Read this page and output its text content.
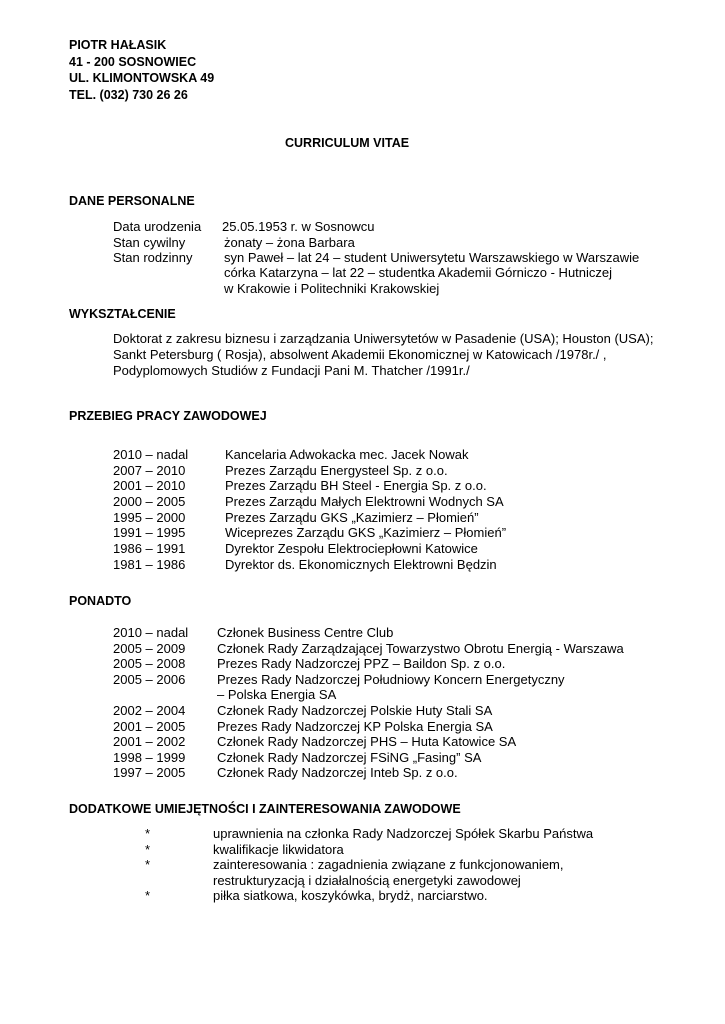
PIOTR HAŁASIK
41 - 200 SOSNOWIEC
UL. KLIMONTOWSKA 49
TEL. (032) 730 26 26
CURRICULUM VITAE
DANE PERSONALNE
Data urodzenia 25.05.1953 r. w Sosnowcu
Stan cywilny	żonaty – żona Barbara
Stan rodzinny syn Paweł – lat 24 – student Uniwersytetu Warszawskiego w Warszawie
córka Katarzyna – lat 22 – studentka Akademii Górniczo - Hutniczej
w Krakowie i Politechniki Krakowskiej
WYKSZTAŁCENIE
Doktorat z zakresu biznesu i zarządzania Uniwersytetów w Pasadenie (USA); Houston (USA);
Sankt Petersburg ( Rosja), absolwent Akademii Ekonomicznej w Katowicach /1978r./ ,
Podyplomowych Studiów z Fundacji Pani M. Thatcher /1991r./
PRZEBIEG PRACY ZAWODOWEJ
2010 – nadal	Kancelaria Adwokacka mec. Jacek Nowak
2007 – 2010	Prezes Zarządu Energysteel Sp. z o.o.
2001 – 2010	Prezes Zarządu BH Steel - Energia Sp. z o.o.
2000 – 2005	Prezes Zarządu Małych Elektrowni Wodnych SA
1995 – 2000	Prezes Zarządu GKS „Kazimierz – Płomień”
1991 – 1995	Wiceprezes Zarządu GKS „Kazimierz – Płomień”
1986 – 1991	Dyrektor Zespołu Elektrociepłowni Katowice
1981 – 1986	Dyrektor ds. Ekonomicznych Elektrowni Będzin
PONADTO
2010 – nadal Członek Business Centre Club
2005 – 2009 Członek Rady Zarządzającej Towarzystwo Obrotu Energią - Warszawa
2005 – 2008 Prezes Rady Nadzorczej PPZ – Baildon Sp. z o.o.
2005 – 2006 Prezes Rady Nadzorczej Południowy Koncern Energetyczny
– Polska Energia SA
2002 – 2004 Członek Rady Nadzorczej Polskie Huty Stali SA
2001 – 2005 Prezes Rady Nadzorczej KP Polska Energia SA
2001 – 2002 Członek Rady Nadzorczej PHS – Huta Katowice SA
1998 – 1999 Członek Rady Nadzorczej FSiNG „Fasing” SA
1997 – 2005 Członek Rady Nadzorczej Inteb Sp. z o.o.
DODATKOWE UMIEJĘTNOŚCI I ZAINTERESOWANIA ZAWODOWE
*	uprawnienia na członka Rady Nadzorczej Spółek Skarbu Państwa
*	kwalifikacje likwidatora
*	zainteresowania : zagadnienia związane z funkcjonowaniem,
restrukturyzacją i działalnością energetyki zawodowej
*	piłka siatkowa, koszykówka, brydż, narciarstwo.
